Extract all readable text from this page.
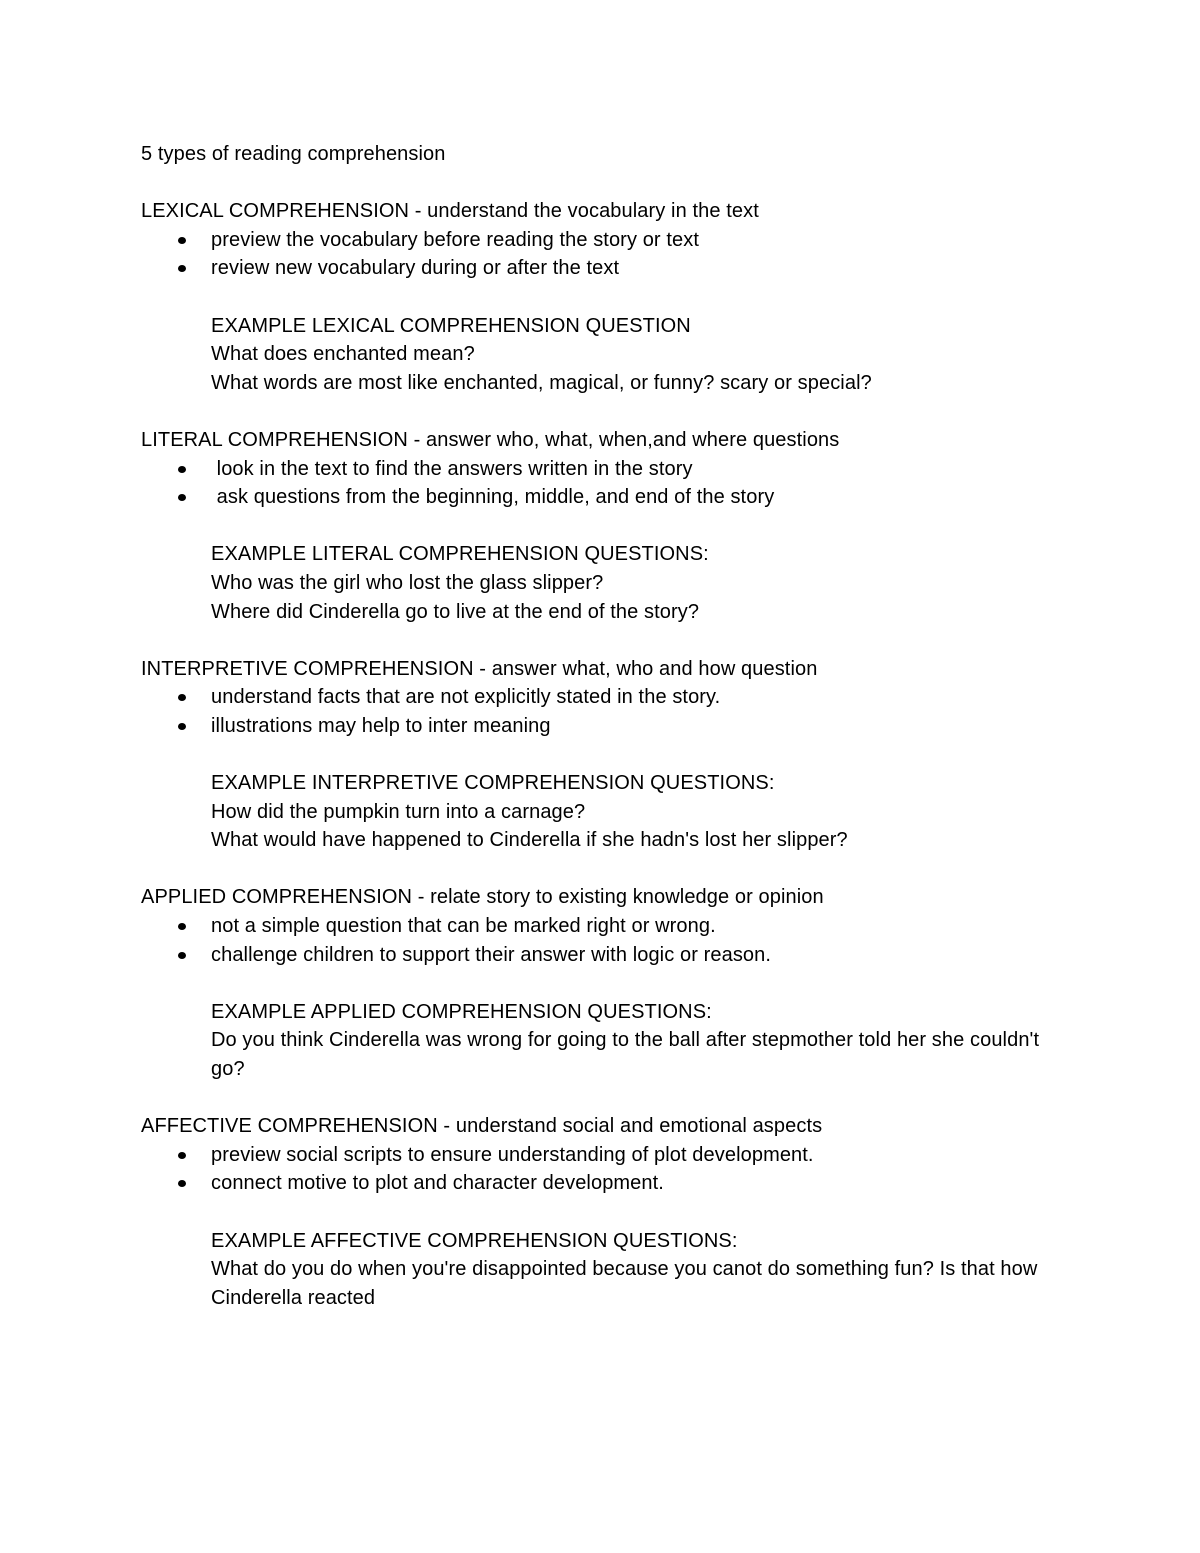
5 types of reading comprehension

LEXICAL COMPREHENSION - understand the vocabulary in the text

preview the vocabulary before reading the story or text
review new vocabulary during or after the text

EXAMPLE LEXICAL COMPREHENSION QUESTION

What does enchanted mean?

What words are most like enchanted, magical, or funny? scary or special?

LITERAL COMPREHENSION - answer who, what, when,and where questions

look in the text to find the answers written in the story
ask questions from the beginning, middle, and end of the story

EXAMPLE LITERAL COMPREHENSION QUESTIONS:

Who was the girl who lost the glass slipper?

Where did Cinderella go to live at the end of the story?

INTERPRETIVE COMPREHENSION - answer what, who and how question

understand facts that are not explicitly stated in the story.
illustrations may help to inter meaning

EXAMPLE INTERPRETIVE COMPREHENSION QUESTIONS:

How did the pumpkin turn into a carnage?

What would have happened to Cinderella if she hadn's lost her slipper?

APPLIED COMPREHENSION - relate story to existing knowledge or opinion

not a simple question that can be marked right or wrong.
challenge children to support their answer with logic or reason.

EXAMPLE APPLIED COMPREHENSION QUESTIONS:

Do you think Cinderella was wrong for going to the ball after stepmother told her she couldn't go?

AFFECTIVE COMPREHENSION - understand social and emotional aspects

preview social scripts to ensure understanding of plot development.
connect motive to plot and character development.

EXAMPLE AFFECTIVE COMPREHENSION QUESTIONS:

What do you do when you're disappointed because you canot do something fun? Is that how Cinderella reacted
